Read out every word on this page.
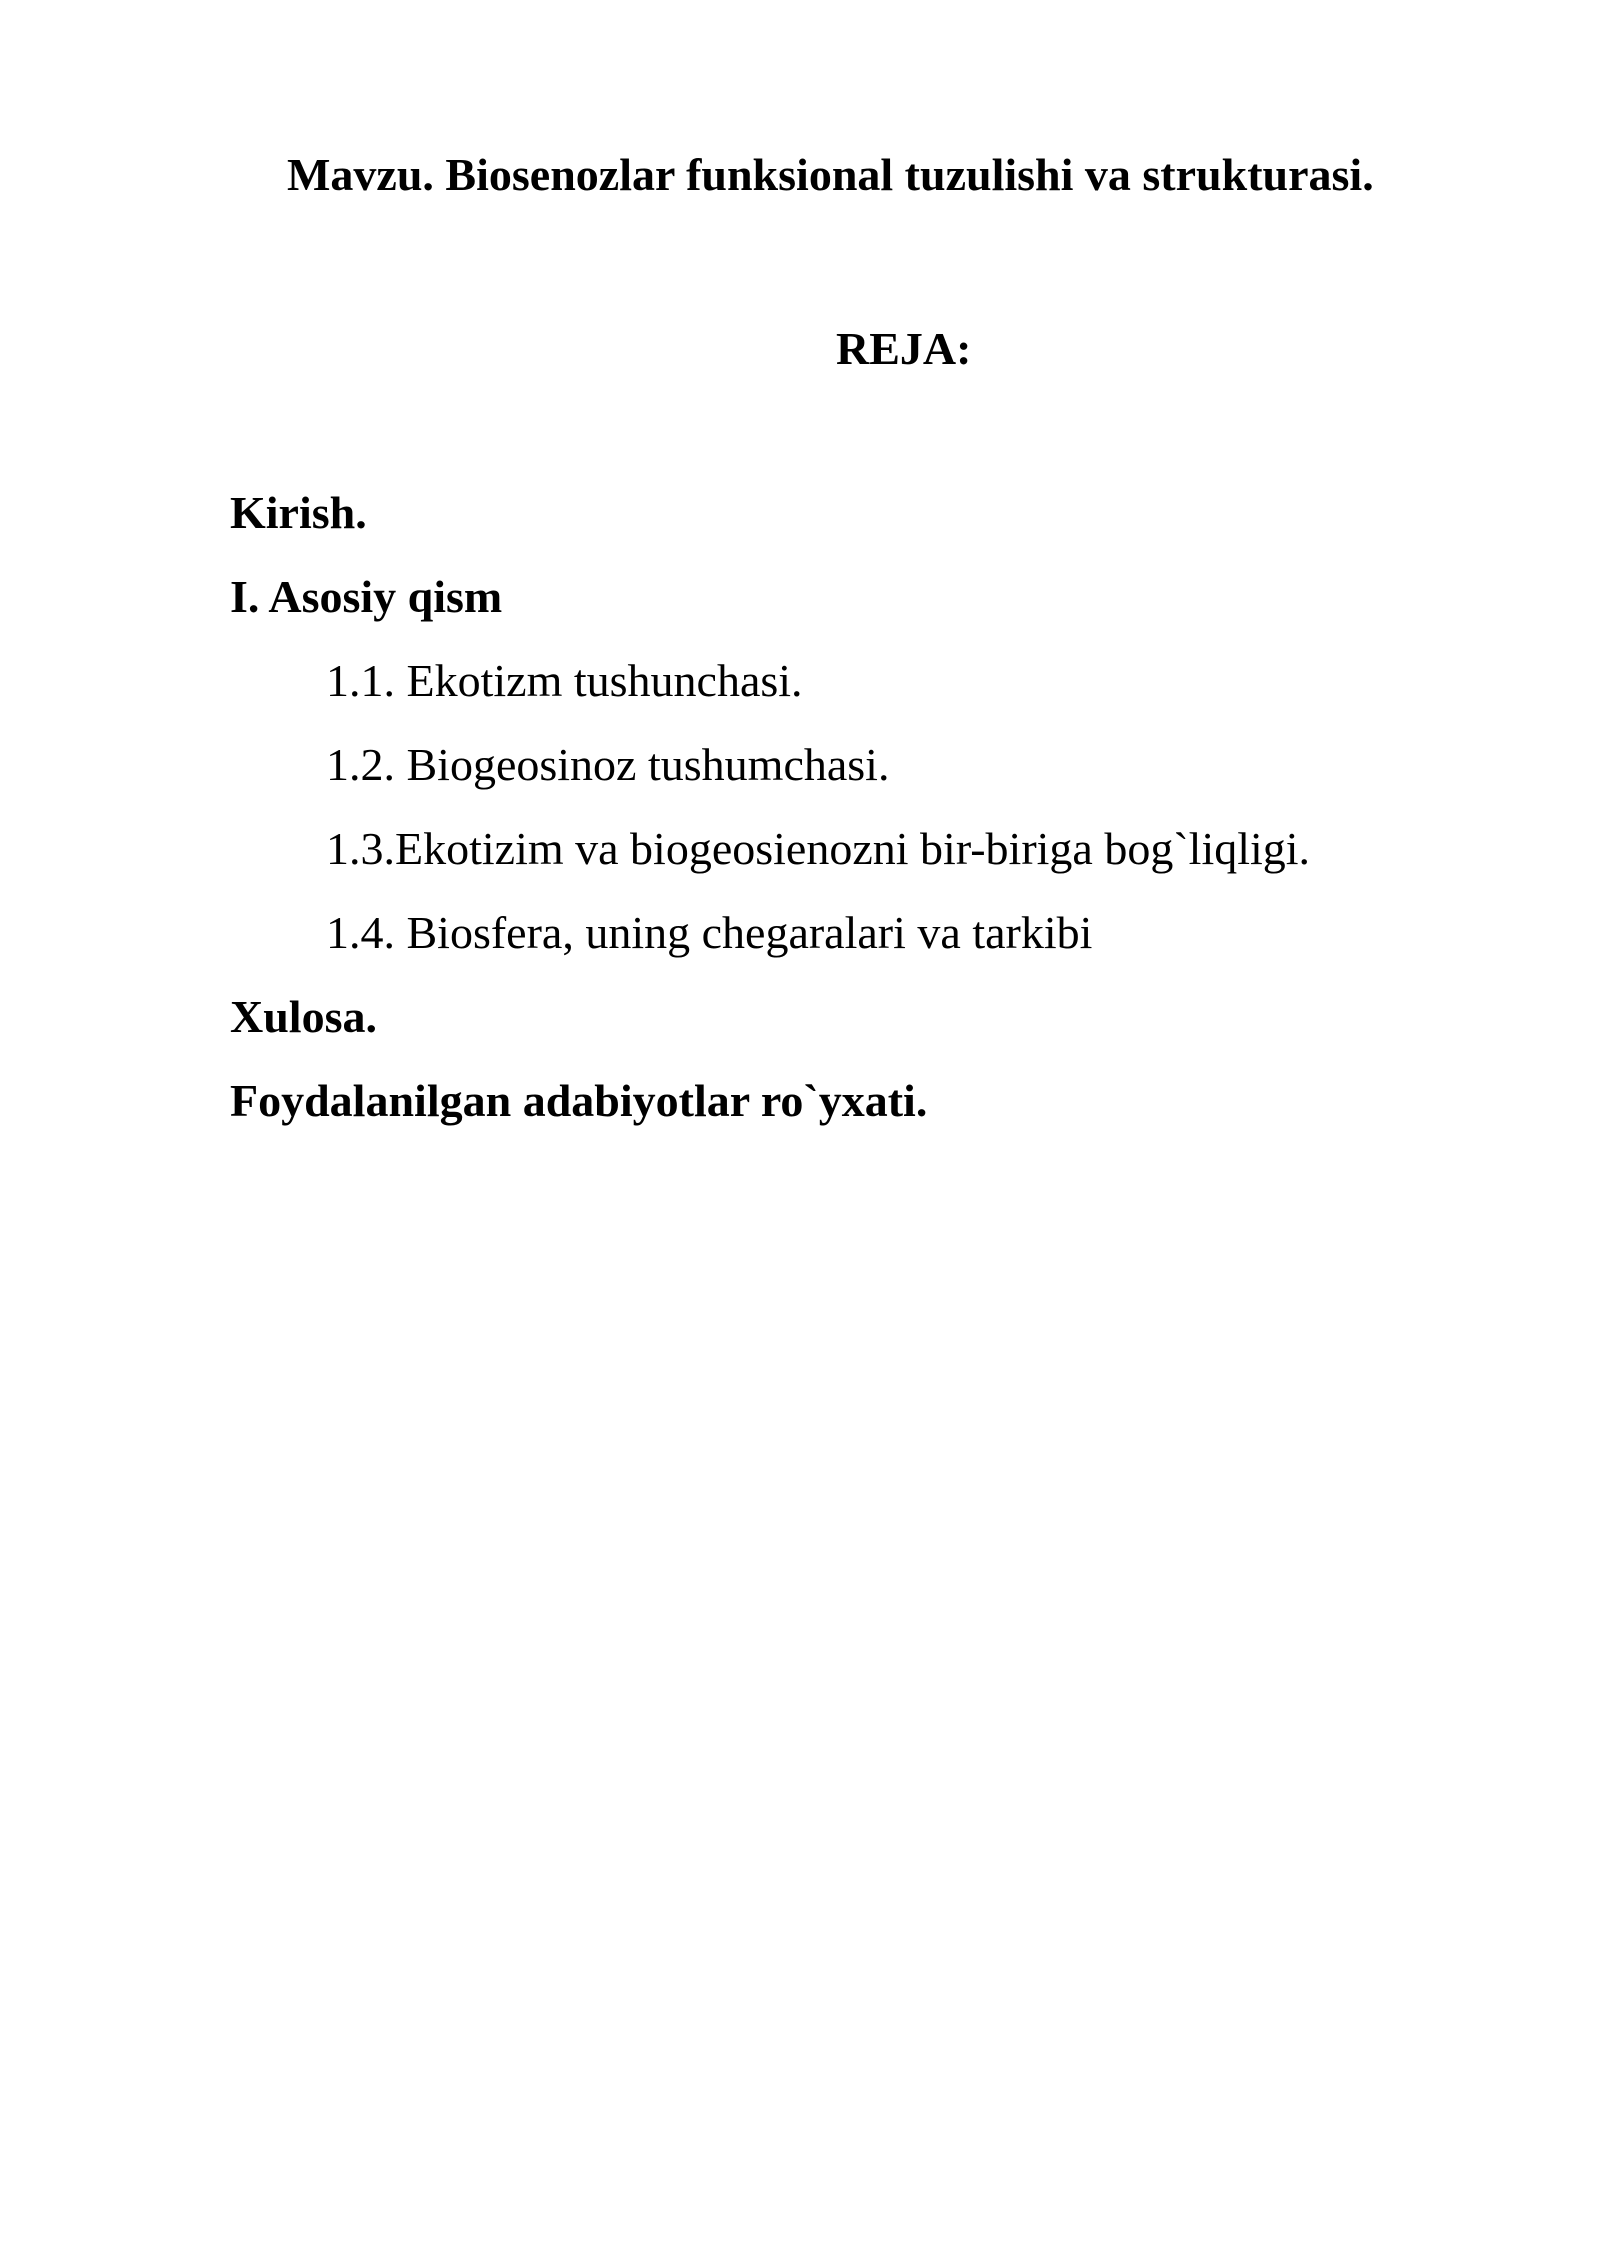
Mavzu. Biosenozlar funksional tuzulishi va strukturasi.
REJA:
Kirish.
I. Asosiy qism
1.1. Ekotizm tushunchasi.
1.2. Biogeosinoz tushumchasi.
1.3.Ekotizim va biogeosienozni bir-biriga bog`liqligi.
1.4. Biosfera, uning chegaralari va tarkibi
Xulosa.
Foydalanilgan adabiyotlar ro`yxati.
